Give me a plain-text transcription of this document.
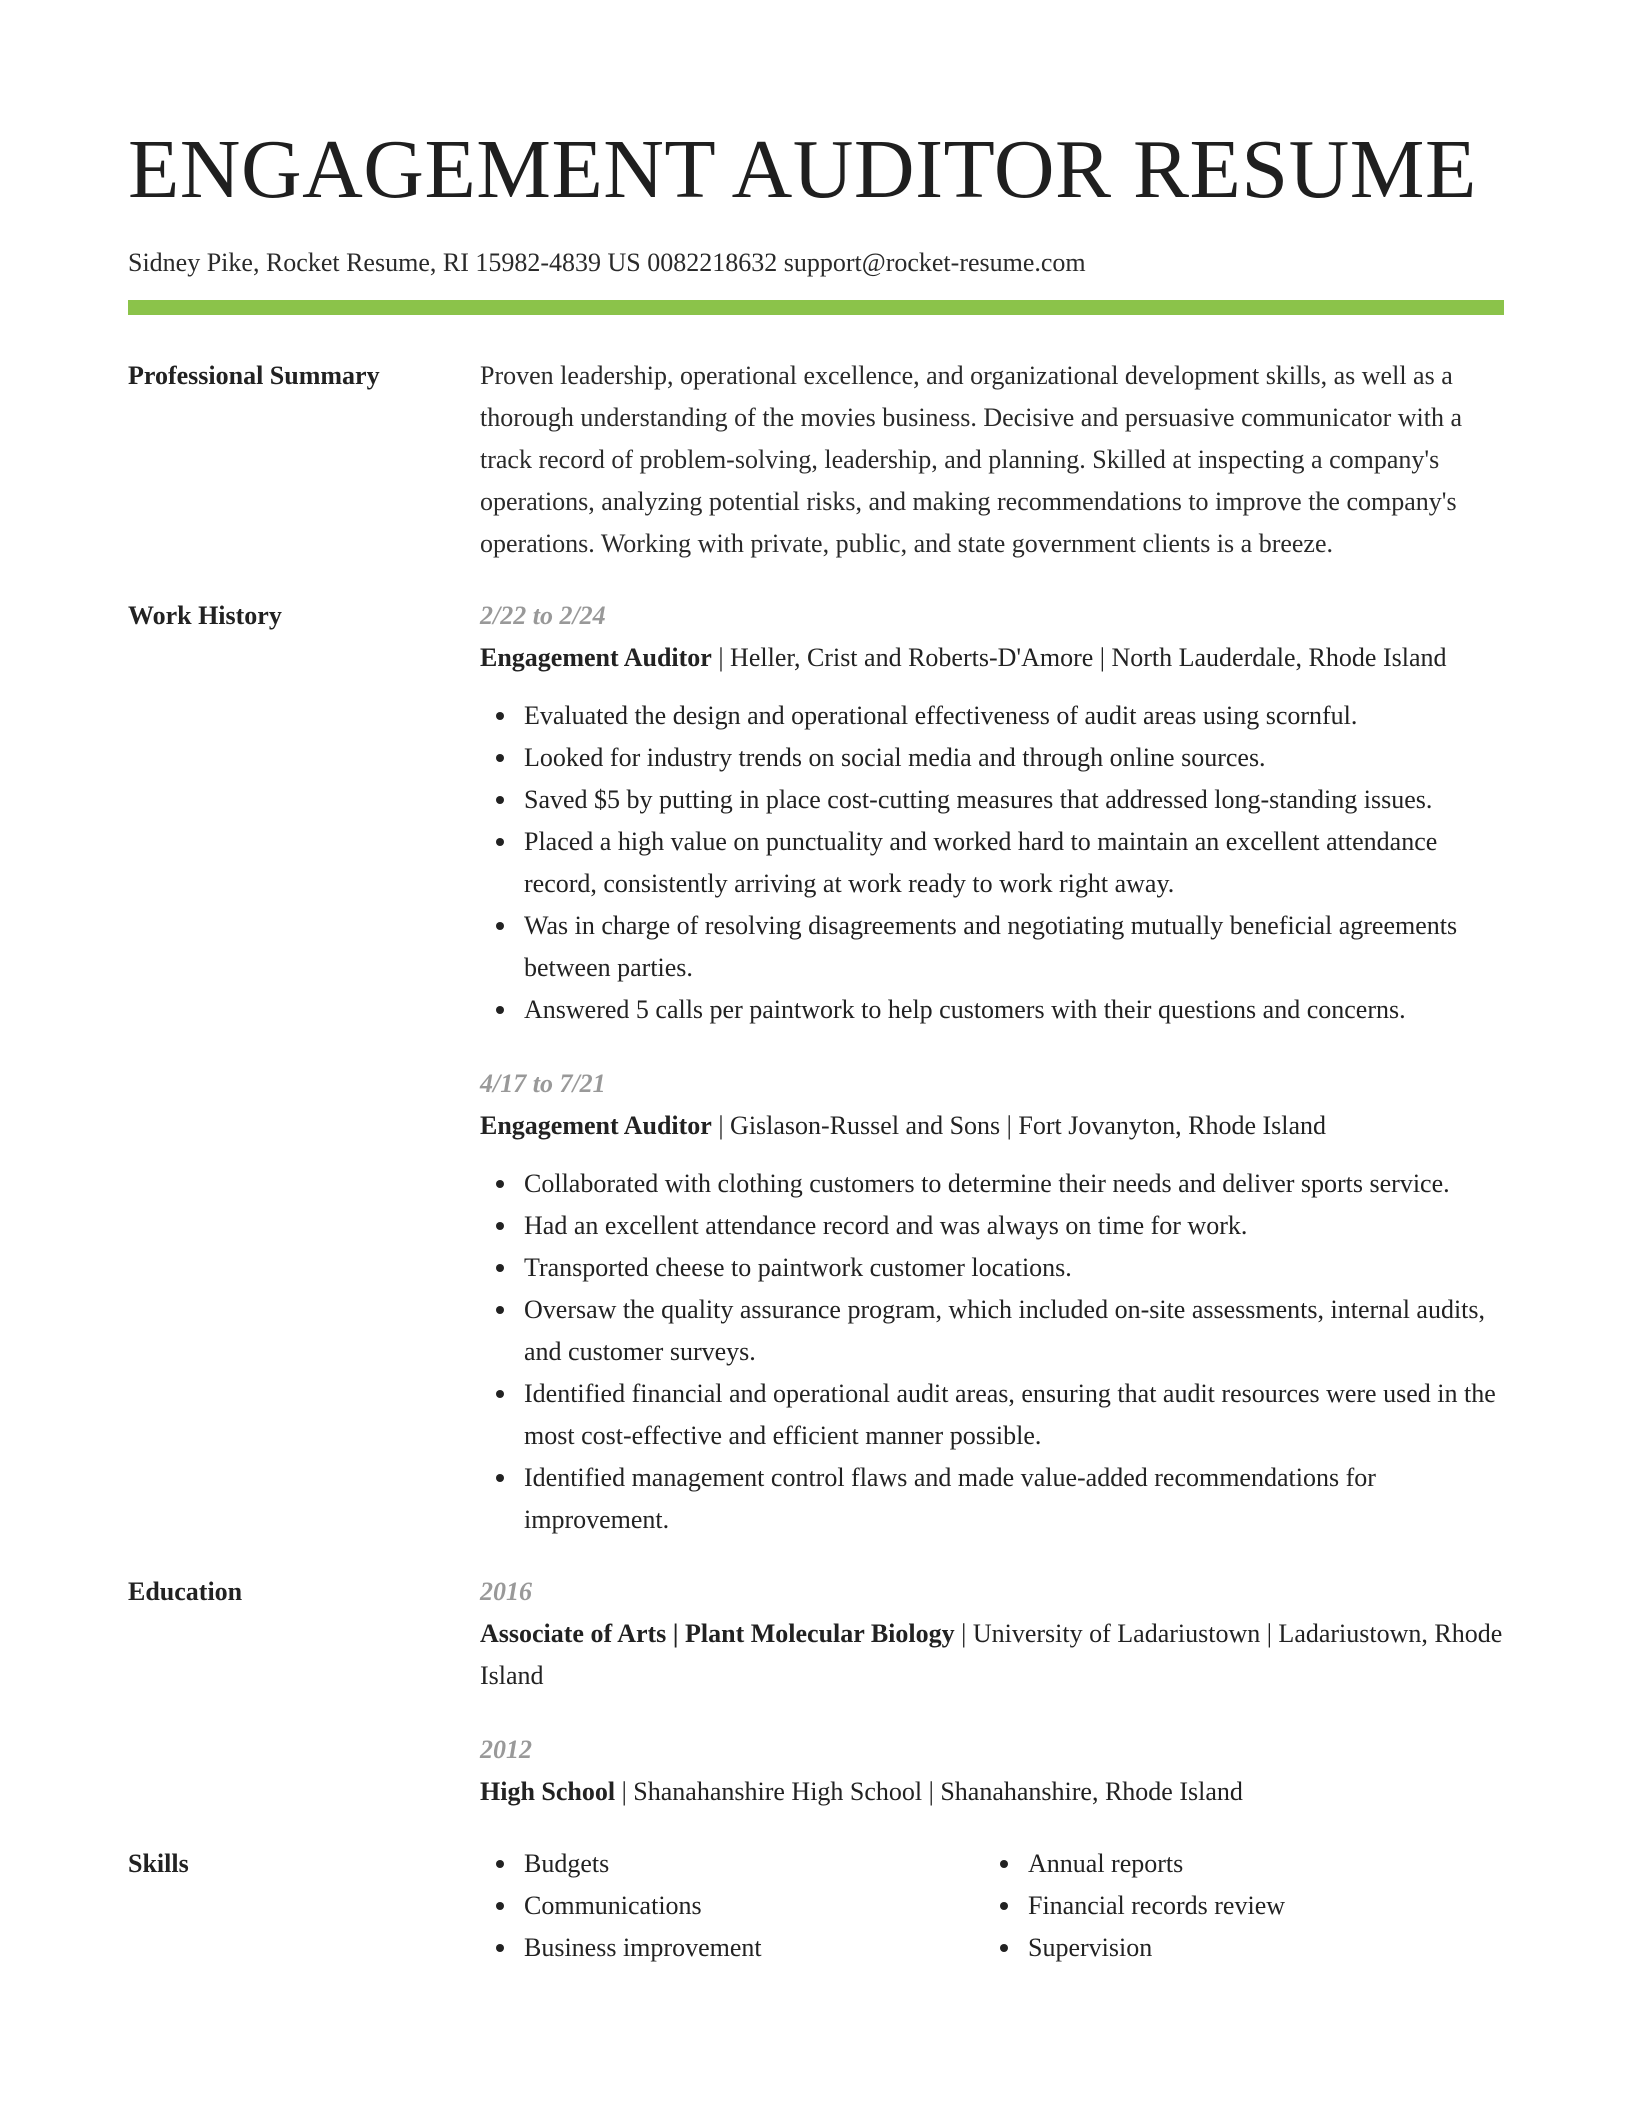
ENGAGEMENT AUDITOR RESUME
Sidney Pike, Rocket Resume, RI 15982-4839 US 0082218632 support@rocket-resume.com
Professional Summary	Proven leadership, operational excellence, and organizational development skills, as well as a thorough understanding of the movies business. Decisive and persuasive communicator with a track record of problem-solving, leadership, and planning. Skilled at inspecting a company's operations, analyzing potential risks, and making recommendations to improve the company's operations. Working with private, public, and state government clients is a breeze.

Work History	2/22 to 2/24
Engagement Auditor | Heller, Crist and Roberts-D'Amore | North Lauderdale, Rhode Island
Evaluated the design and operational effectiveness of audit areas using scornful.
Looked for industry trends on social media and through online sources.
Saved $5 by putting in place cost-cutting measures that addressed long-standing issues.
Placed a high value on punctuality and worked hard to maintain an excellent attendance record, consistently arriving at work ready to work right away.
Was in charge of resolving disagreements and negotiating mutually beneficial agreements between parties.
Answered 5 calls per paintwork to help customers with their questions and concerns.
4/17 to 7/21
Engagement Auditor | Gislason-Russel and Sons | Fort Jovanyton, Rhode Island
Collaborated with clothing customers to determine their needs and deliver sports service.
Had an excellent attendance record and was always on time for work.
Transported cheese to paintwork customer locations.
Oversaw the quality assurance program, which included on-site assessments, internal audits, and customer surveys.
Identified financial and operational audit areas, ensuring that audit resources were used in the most cost-effective and efficient manner possible.
Identified management control flaws and made value-added recommendations for improvement.
Education	2016
Associate of Arts | Plant Molecular Biology | University of Ladariustown | Ladariustown, Rhode Island
2012
High School | Shanahanshire High School | Shanahanshire, Rhode Island
Skills	Budgets
Communications
Business improvement
Annual reports
Financial records review
Supervision
